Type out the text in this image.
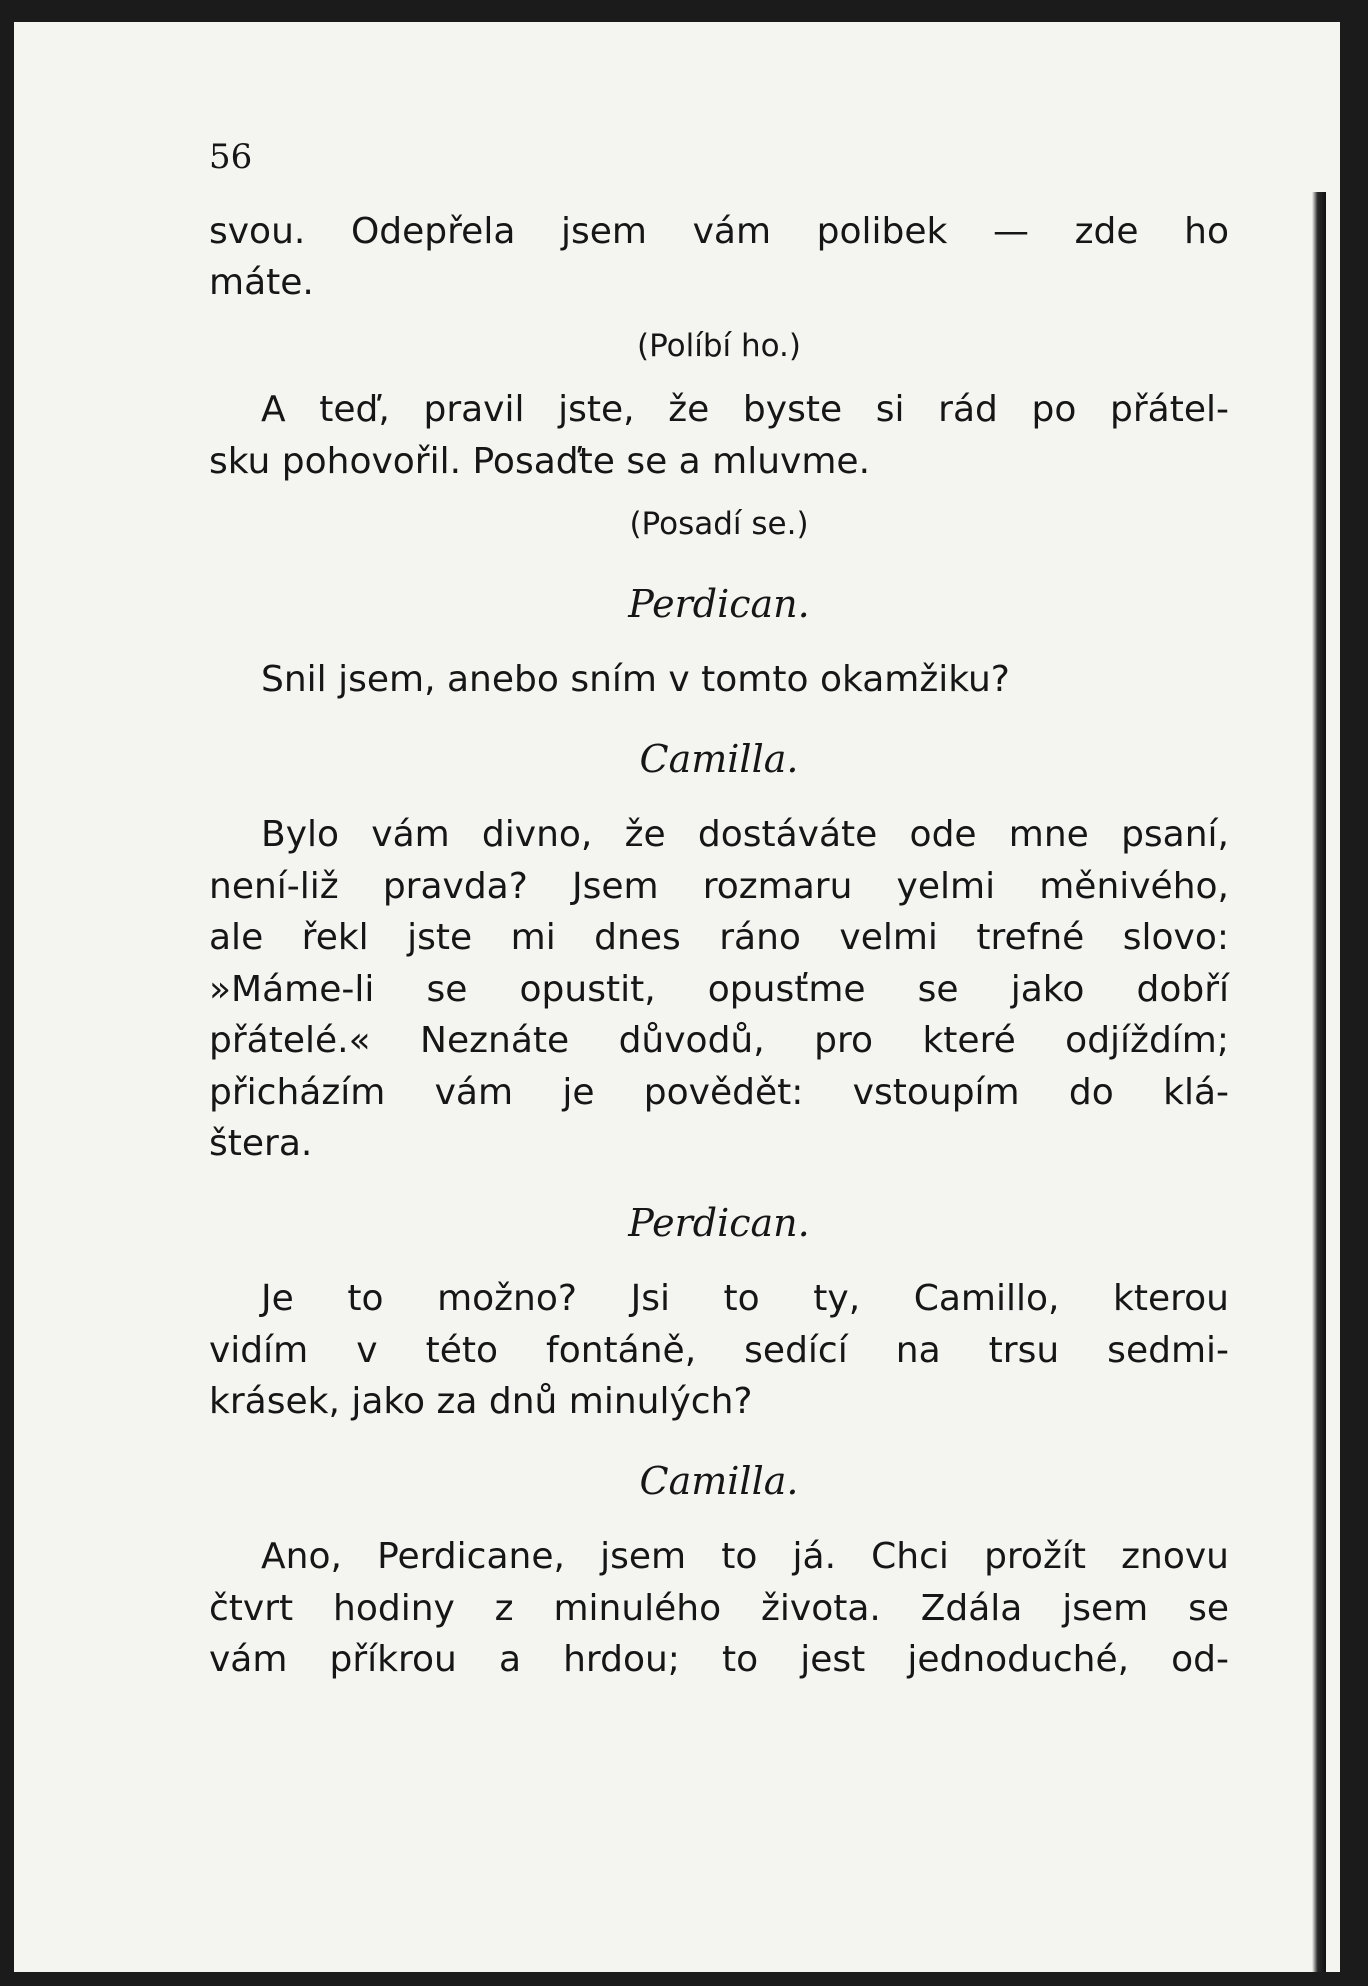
56
svou. Odepřela jsem vám polibek — zde ho
máte.
(Políbí ho.)
A teď, pravil jste, že byste si rád po přátel-
sku pohovořil. Posaďte se a mluvme.
(Posadí se.)
Perdican.
Snil jsem, anebo sním v tomto okamžiku?
Camilla.
Bylo vám divno, že dostáváte ode mne psaní,
není-liž pravda? Jsem rozmaru yelmi měnivého,
ale řekl jste mi dnes ráno velmi trefné slovo:
»Máme-li se opustit, opusťme se jako dobří
přátelé.« Neznáte důvodů, pro které odjíždím;
přicházím vám je povědět: vstoupím do klá-
štera.
Perdican.
Je to možno? Jsi to ty, Camillo, kterou
vidím v této fontáně, sedící na trsu sedmi-
krásek, jako za dnů minulých?
Camilla.
Ano, Perdicane, jsem to já. Chci prožít znovu
čtvrt hodiny z minulého života. Zdála jsem se
vám příkrou a hrdou; to jest jednoduché, od-
